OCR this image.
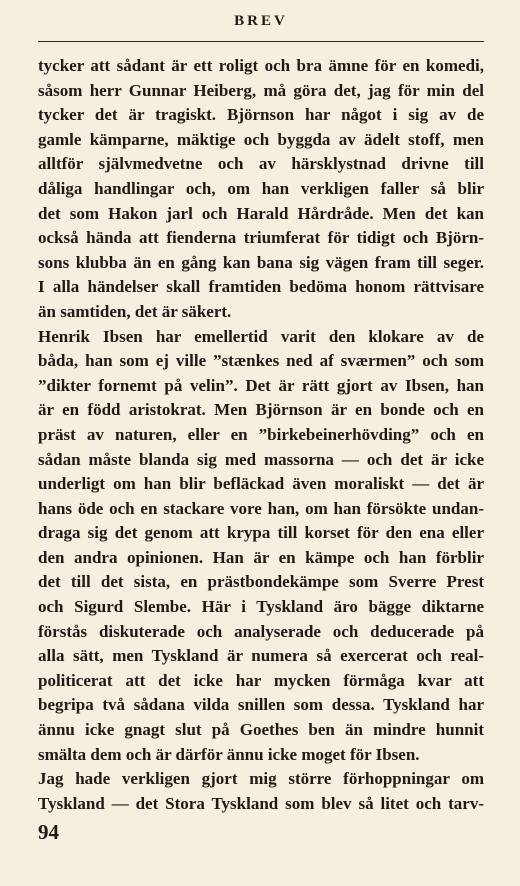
BREV
tycker att sådant är ett roligt och bra ämne för en komedi,
såsom herr Gunnar Heiberg, må göra det, jag för min del
tycker det är tragiskt. Björnson har något i sig av de
gamle kämparne, mäktige och byggda av ädelt stoff, men
alltför självmedvetne och av härsklystnad drivne till
dåliga handlingar och, om han verkligen faller så blir
det som Hakon jarl och Harald Hårdråde. Men det kan
också hända att fienderna triumferat för tidigt och Björn-
sons klubba än en gång kan bana sig vägen fram till seger.
I alla händelser skall framtiden bedöma honom rättvisare
än samtiden, det är säkert.
Henrik Ibsen har emellertid varit den klokare av de
båda, han som ej ville ”stænkes ned af sværmen” och som
”dikter fornemt på velin”. Det är rätt gjort av Ibsen, han
är en född aristokrat. Men Björnson är en bonde och en
präst av naturen, eller en ”birkebeinerhövding” och en
sådan måste blanda sig med massorna — och det är icke
underligt om han blir befläckad även moraliskt — det är
hans öde och en stackare vore han, om han försökte undan-
draga sig det genom att krypa till korset för den ena eller
den andra opinionen. Han är en kämpe och han förblir
det till det sista, en prästbondekämpe som Sverre Prest
och Sigurd Slembe. Här i Tyskland äro bägge diktarne
förstås diskuterade och analyserade och deducerade på
alla sätt, men Tyskland är numera så exercerat och real-
politicerat att det icke har mycken förmåga kvar att
begripa två sådana vilda snillen som dessa. Tyskland har
ännu icke gnagt slut på Goethes ben än mindre hunnit
smälta dem och är därför ännu icke moget för Ibsen.
Jag hade verkligen gjort mig större förhoppningar om
Tyskland — det Stora Tyskland som blev så litet och tarv-
94
